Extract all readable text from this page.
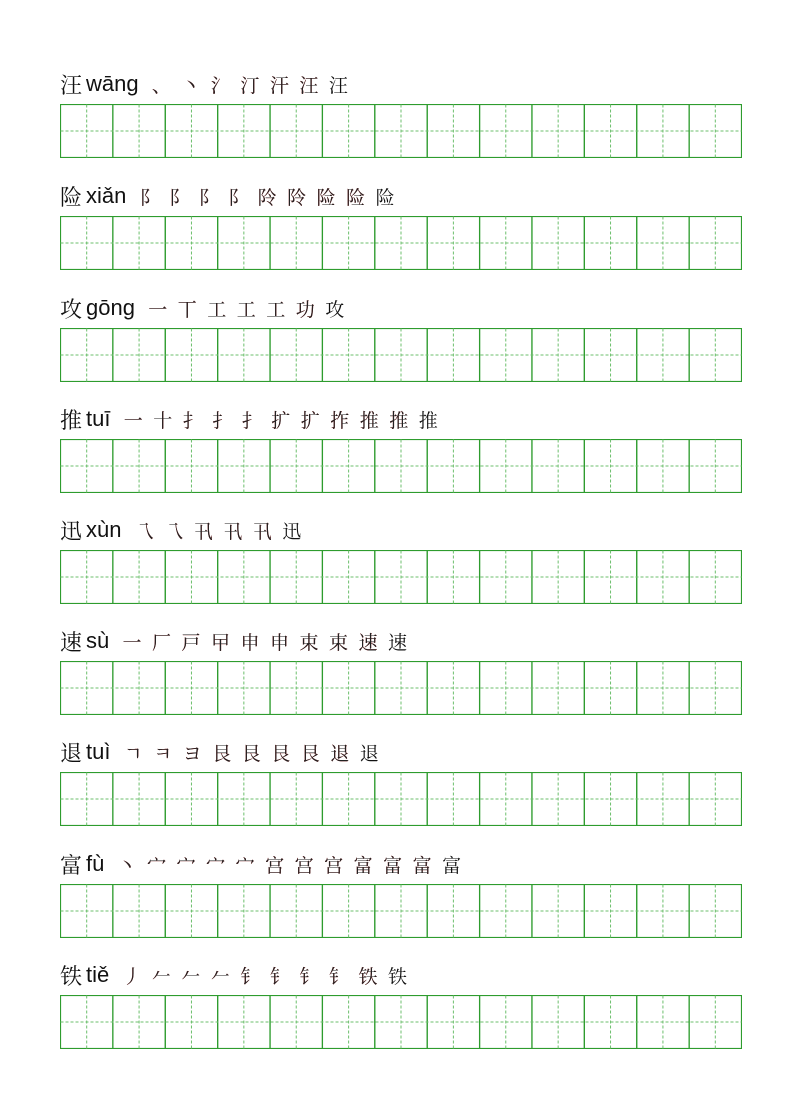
汪 wāng 、 丶 氵 汀 汗 汪 汪
险 xiǎn 阝 阝 阝 阝 阾 阾 险 险 险
攻 gōng 一 丅 工 工 工 功 攻
推 tuī 一 十 扌 扌 扌 扩 扩 拃 推 推 推
迅 xùn 乁 乁 卂 卂 卂 迅
速 sù 一 厂 戸 曱 申 申 束 束 速 速
退 tuì ㄱ ㅋ ヨ 艮 艮 艮 艮 退 退
富 fù 丶 宀 宀 宀 宀 宫 宫 宫 富 富 富 富
铁 tiě 丿 𠂉 𠂉 𠂉 钅 钅 钅 钅 铁 铁
